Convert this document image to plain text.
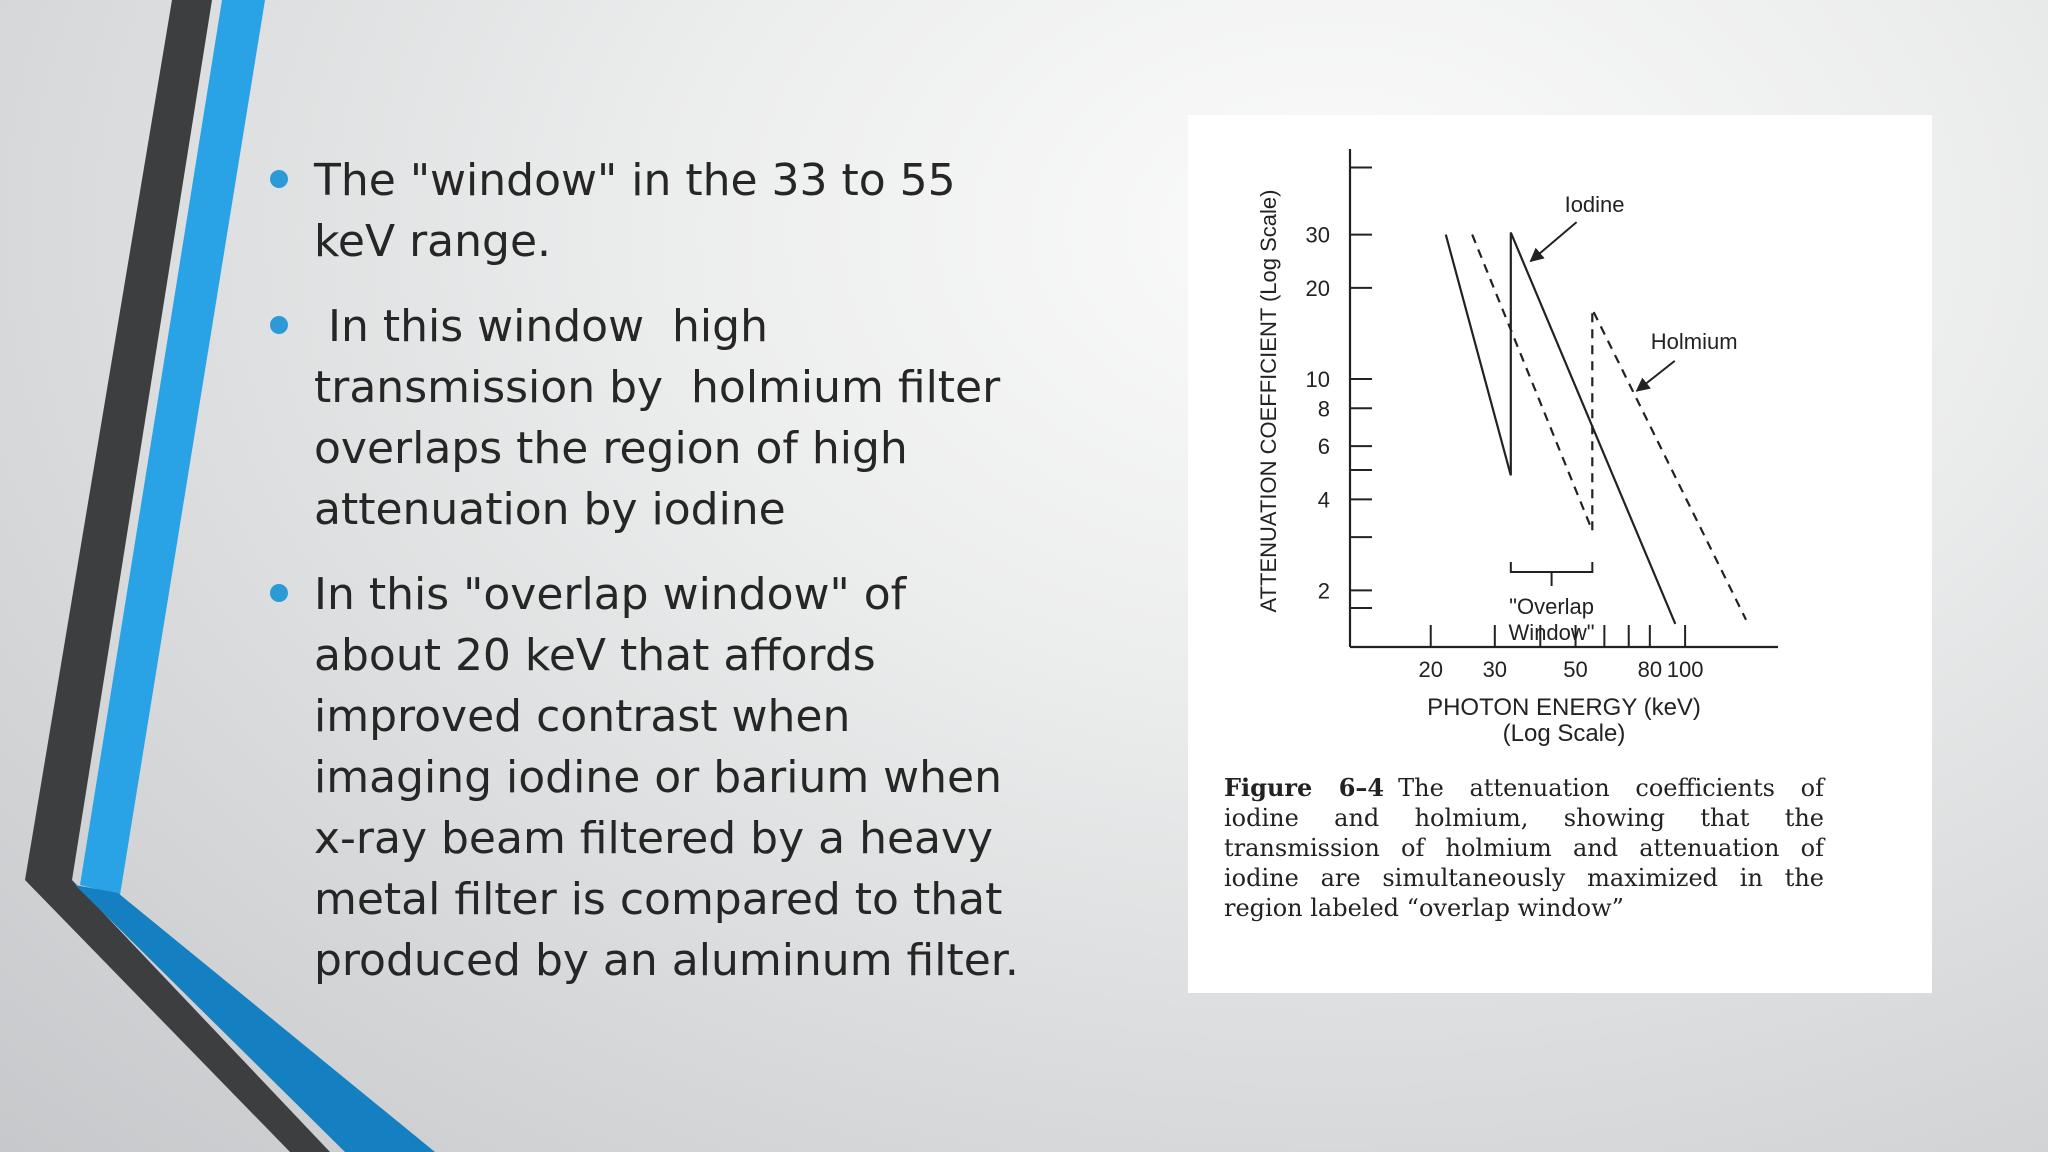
The "window" in the 33 to 55 keV range.
In this window  high transmission by  holmium filter overlaps the region of high attenuation by iodine
In this "overlap window" of about 20 keV that affords improved contrast when imaging iodine or barium when x-ray beam filtered by a heavy metal filter is compared to that produced by an aluminum filter.
2
4
6
8
10
20
30
20 30	50 80 100
PHOTON ENERGY (keV)
(Log Scale)
ATTENUATION COEFFICIENT (Log Scale)	Iodine
Holmium
"Overlap
Window"

Figure 6–4 The attenuation coefficients of iodine and holmium, showing that the transmission of holmium and attenuation of iodine are simultaneously maximized in the region labeled “overlap window”
